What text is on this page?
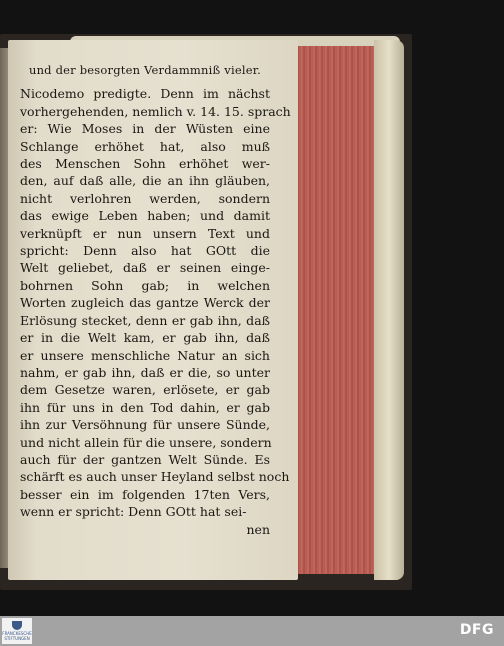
und der besorgten Verdammniß vieler.
Nicodemo predigte. Denn im nächst
vorhergehenden, nemlich v. 14. 15. sprach
er: Wie Moses in der Wüsten eine
Schlange erhöhet hat, also muß
des Menschen Sohn erhöhet wer-
den, auf daß alle, die an ihn gläuben,
nicht verlohren werden, sondern
das ewige Leben haben; und damit
verknüpft er nun unsern Text und
spricht: Denn also hat GOtt die
Welt geliebet, daß er seinen einge-
bohrnen Sohn gab; in welchen
Worten zugleich das gantze Werck der
Erlösung stecket, denn er gab ihn, daß
er in die Welt kam, er gab ihn, daß
er unsere menschliche Natur an sich
nahm, er gab ihn, daß er die, so unter
dem Gesetze waren, erlösete, er gab
ihn für uns in den Tod dahin, er gab
ihn zur Versöhnung für unsere Sünde,
und nicht allein für die unsere, sondern
auch für der gantzen Welt Sünde. Es
schärft es auch unser Heyland selbst noch
besser ein im folgenden 17ten Vers,
wenn er spricht: Denn GOtt hat sei-
nen
FRANCKESCHE STIFTUNGEN
DFG
